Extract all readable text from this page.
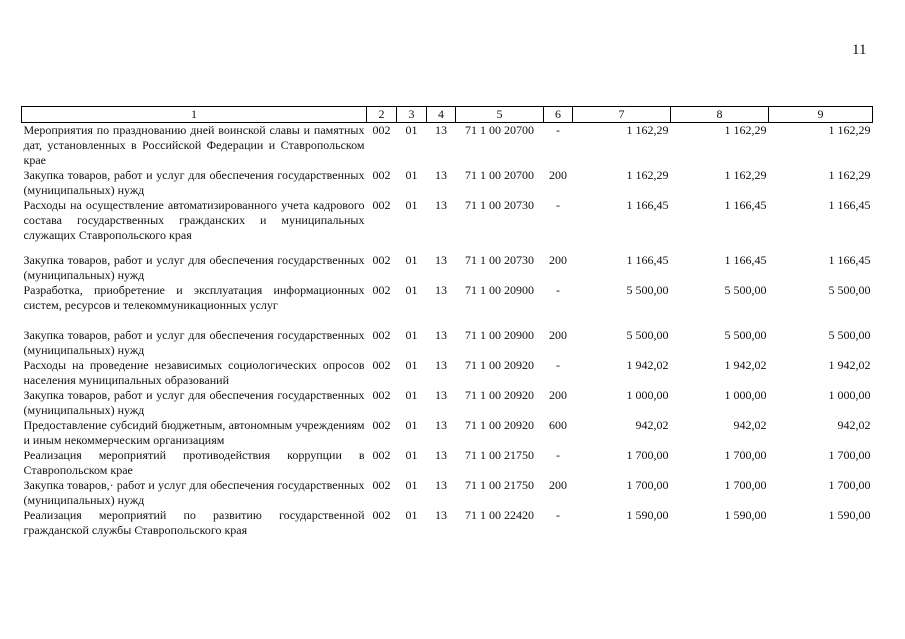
11
1	2	3	4	5	6	7	8	9
Мероприятия по празднованию дней воинской славы и памятных дат, установленных в Российской Федерации и Ставропольском крае	002	01	13	71 1 00 20700	-	1 162,29	1 162,29	1 162,29
Закупка товаров, работ и услуг для обеспечения государственных (муниципальных) нужд	002	01	13	71 1 00 20700	200	1 162,29	1 162,29	1 162,29
Расходы на осуществление автоматизированного учета кадрового состава государственных гражданских и муниципальных служащих Ставропольского края	002	01	13	71 1 00 20730	-	1 166,45	1 166,45	1 166,45
Закупка товаров, работ и услуг для обеспечения государственных (муниципальных) нужд	002	01	13	71 1 00 20730	200	1 166,45	1 166,45	1 166,45
Разработка, приобретение и эксплуатация информационных систем, ресурсов и телекоммуникационных услуг	002	01	13	71 1 00 20900	-	5 500,00	5 500,00	5 500,00
Закупка товаров, работ и услуг для обеспечения государственных (муниципальных) нужд	002	01	13	71 1 00 20900	200	5 500,00	5 500,00	5 500,00
Расходы на проведение независимых социологических опросов населения муниципальных образований	002	01	13	71 1 00 20920	-	1 942,02	1 942,02	1 942,02
Закупка товаров, работ и услуг для обеспечения государственных (муниципальных) нужд	002	01	13	71 1 00 20920	200	1 000,00	1 000,00	1 000,00
Предоставление субсидий бюджетным, автономным учреждениям и иным некоммерческим организациям	002	01	13	71 1 00 20920	600	942,02	942,02	942,02
Реализация мероприятий противодействия коррупции в Ставропольском крае	002	01	13	71 1 00 21750	-	1 700,00	1 700,00	1 700,00
Закупка товаров,· работ и услуг для обеспечения государственных (муниципальных) нужд	002	01	13	71 1 00 21750	200	1 700,00	1 700,00	1 700,00
Реализация мероприятий по развитию государственной гражданской службы Ставропольского края	002	01	13	71 1 00 22420	-	1 590,00	1 590,00	1 590,00
